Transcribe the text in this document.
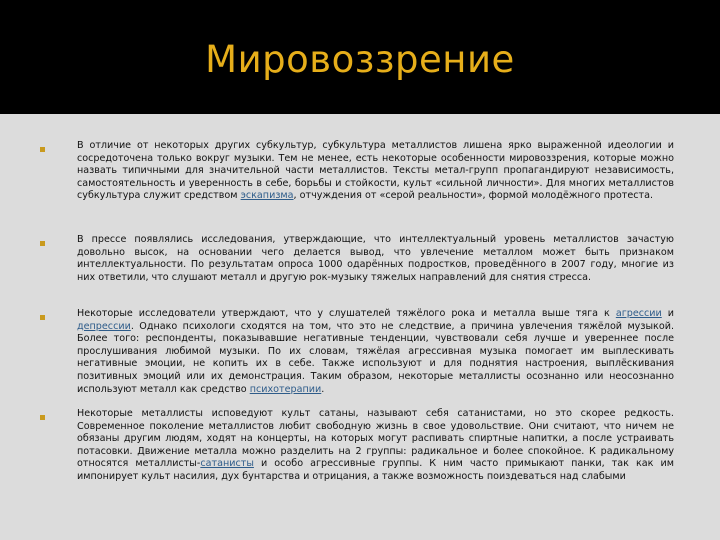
Мировоззрение

В отличие от некоторых других субкультур, субкультура металлистов лишена ярко выраженной идеологии и сосредоточена только вокруг музыки. Тем не менее, есть некоторые особенности мировоззрения, которые можно назвать типичными для значительной части металлистов. Тексты метал-групп пропагандируют независимость, самостоятельность и уверенность в себе, борьбы и стойкости, культ «сильной личности». Для многих металлистов субкультура служит средством эскапизма, отчуждения от «серой реальности», формой молодёжного протеста.

В прессе появлялись исследования, утверждающие, что интеллектуальный уровень металлистов зачастую довольно высок, на основании чего делается вывод, что увлечение металлом может быть признаком интеллектуальности. По результатам опроса 1000 одарённых подростков, проведённого в 2007 году, многие из них ответили, что слушают металл и другую рок-музыку тяжелых направлений для снятия стресса.

Некоторые исследователи утверждают, что у слушателей тяжёлого рока и металла выше тяга к агрессии и депрессии. Однако психологи сходятся на том, что это не следствие, а причина увлечения тяжёлой музыкой. Более того: респонденты, показывавшие негативные тенденции, чувствовали себя лучше и увереннее после прослушивания любимой музыки. По их словам, тяжёлая агрессивная музыка помогает им выплескивать негативные эмоции, не копить их в себе. Также используют и для поднятия настроения, выплёскивания позитивных эмоций или их демонстрация. Таким образом, некоторые металлисты осознанно или неосознанно используют металл как средство психотерапии.

Некоторые металлисты исповедуют культ сатаны, называют себя сатанистами, но это скорее редкость. Современное поколение металлистов любит свободную жизнь в свое удовольствие. Они считают, что ничем не обязаны другим людям, ходят на концерты, на которых могут распивать спиртные напитки, а после устраивать потасовки. Движение металла можно разделить на 2 группы: радикальное и более спокойное. К радикальному относятся металлисты-сатанисты и особо агрессивные группы. К ним часто примыкают панки, так как им импонирует культ насилия, дух бунтарства и отрицания, а также возможность поиздеваться над слабыми
